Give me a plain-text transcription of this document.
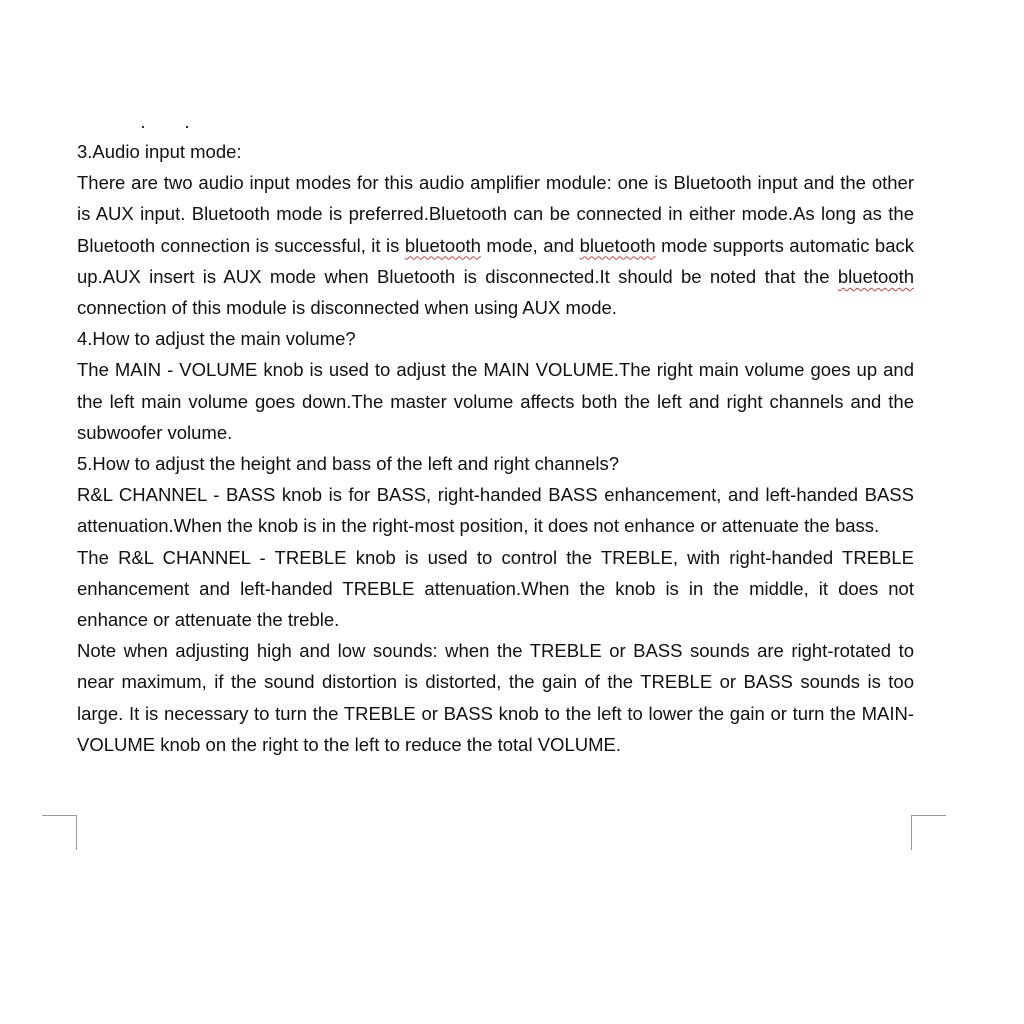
3.Audio input mode:

There are two audio input modes for this audio amplifier module: one is Bluetooth input and the other is AUX input. Bluetooth mode is preferred.Bluetooth can be connected in either mode.As long as the Bluetooth connection is successful, it is bluetooth mode, and bluetooth mode supports automatic back up.AUX insert is AUX mode when Bluetooth is disconnected.It should be noted that the bluetooth connection of this module is disconnected when using AUX mode.

4.How to adjust the main volume?

The MAIN - VOLUME knob is used to adjust the MAIN VOLUME.The right main volume goes up and the left main volume goes down.The master volume affects both the left and right channels and the subwoofer volume.

5.How to adjust the height and bass of the left and right channels?

R&L CHANNEL - BASS knob is for BASS, right-handed BASS enhancement, and left-handed BASS attenuation.When the knob is in the right-most position, it does not enhance or attenuate the bass.

The R&L CHANNEL - TREBLE knob is used to control the TREBLE, with right-handed TREBLE enhancement and left-handed TREBLE attenuation.When the knob is in the middle, it does not enhance or attenuate the treble.

Note when adjusting high and low sounds: when the TREBLE or BASS sounds are right-rotated to near maximum, if the sound distortion is distorted, the gain of the TREBLE or BASS sounds is too large. It is necessary to turn the TREBLE or BASS knob to the left to lower the gain or turn the MAIN-VOLUME knob on the right to the left to reduce the total VOLUME.
